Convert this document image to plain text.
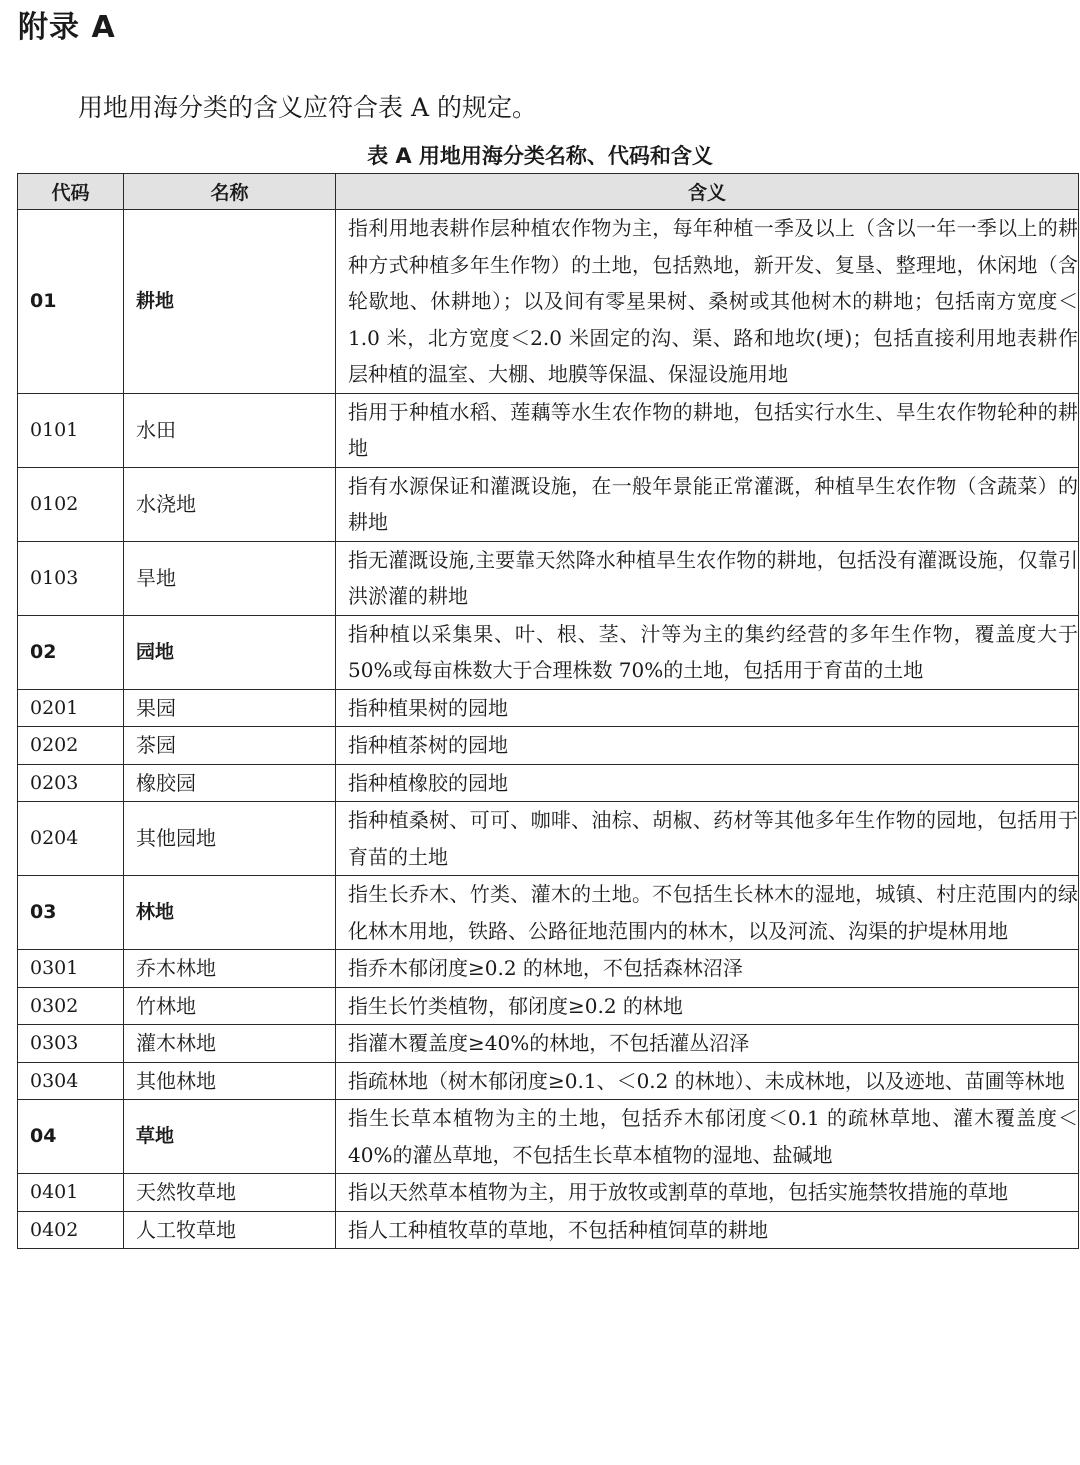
附录 A

用地用海分类的含义应符合表 A 的规定。

表 A 用地用海分类名称、代码和含义

代码	名称	含义
01	耕地	指利用地表耕作层种植农作物为主，每年种植一季及以上（含以一年一季以上的耕种方式种植多年生作物）的土地，包括熟地，新开发、复垦、整理地，休闲地（含轮歇地、休耕地）；以及间有零星果树、桑树或其他树木的耕地；包括南方宽度＜1.0 米，北方宽度＜2.0 米固定的沟、渠、路和地坎(埂)；包括直接利用地表耕作层种植的温室、大棚、地膜等保温、保湿设施用地
0101	水田	指用于种植水稻、莲藕等水生农作物的耕地，包括实行水生、旱生农作物轮种的耕地
0102	水浇地	指有水源保证和灌溉设施，在一般年景能正常灌溉，种植旱生农作物（含蔬菜）的耕地
0103	旱地	指无灌溉设施,主要靠天然降水种植旱生农作物的耕地，包括没有灌溉设施，仅靠引洪淤灌的耕地
02	园地	指种植以采集果、叶、根、茎、汁等为主的集约经营的多年生作物，覆盖度大于 50%或每亩株数大于合理株数 70%的土地，包括用于育苗的土地
0201	果园	指种植果树的园地
0202	茶园	指种植茶树的园地
0203	橡胶园	指种植橡胶的园地
0204	其他园地	指种植桑树、可可、咖啡、油棕、胡椒、药材等其他多年生作物的园地，包括用于育苗的土地
03	林地	指生长乔木、竹类、灌木的土地。不包括生长林木的湿地，城镇、村庄范围内的绿化林木用地，铁路、公路征地范围内的林木，以及河流、沟渠的护堤林用地
0301	乔木林地	指乔木郁闭度≥0.2 的林地，不包括森林沼泽
0302	竹林地	指生长竹类植物，郁闭度≥0.2 的林地
0303	灌木林地	指灌木覆盖度≥40%的林地，不包括灌丛沼泽
0304	其他林地	指疏林地（树木郁闭度≥0.1、＜0.2 的林地）、未成林地，以及迹地、苗圃等林地
04	草地	指生长草本植物为主的土地，包括乔木郁闭度＜0.1 的疏林草地、灌木覆盖度＜40%的灌丛草地，不包括生长草本植物的湿地、盐碱地
0401	天然牧草地	指以天然草本植物为主，用于放牧或割草的草地，包括实施禁牧措施的草地
0402	人工牧草地	指人工种植牧草的草地，不包括种植饲草的耕地
